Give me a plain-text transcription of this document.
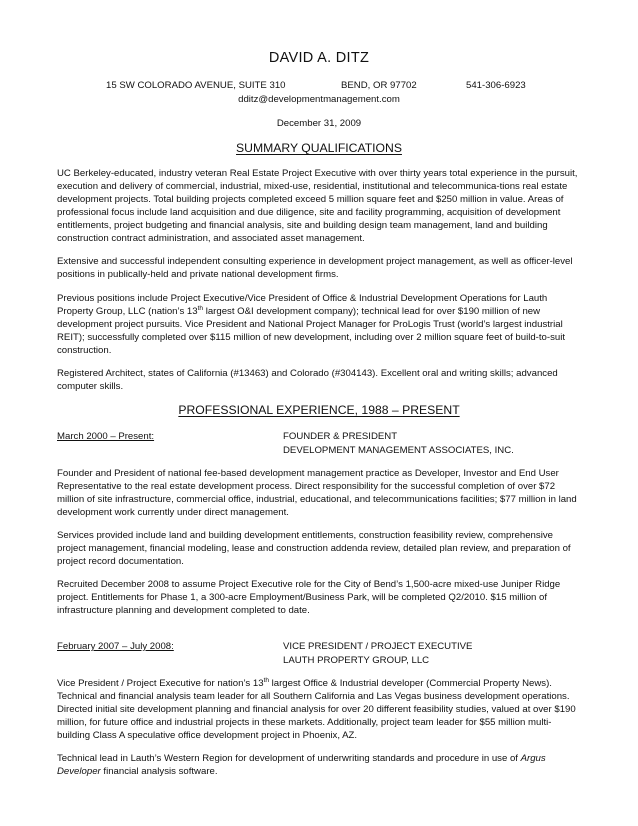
DAVID A. DITZ
15 SW COLORADO AVENUE, SUITE 310	BEND, OR 97702	541-306-6923
dditz@developmentmanagement.com
December 31, 2009
SUMMARY QUALIFICATIONS

UC Berkeley-educated, industry veteran Real Estate Project Executive with over thirty years total experience in the pursuit, execution and delivery of commercial, industrial, mixed-use, residential, institutional and telecommunica-tions real estate development projects. Total building projects completed exceed 5 million square feet and $250 million in value. Areas of professional focus include land acquisition and due diligence, site and facility programming, acquisition of development entitlements, project budgeting and financial analysis, site and building design team management, land and building construction contract administration, and associated asset management.

Extensive and successful independent consulting experience in development project management, as well as officer-level positions in publically-held and private national development firms.

Previous positions include Project Executive/Vice President of Office & Industrial Development Operations for Lauth Property Group, LLC (nation’s 13th largest O&I development company); technical lead for over $190 million of new development project pursuits. Vice President and National Project Manager for ProLogis Trust (world’s largest industrial REIT); successfully completed over $115 million of new development, including over 2 million square feet of build-to-suit construction.

Registered Architect, states of California (#13463) and Colorado (#304143). Excellent oral and writing skills; advanced computer skills.

PROFESSIONAL EXPERIENCE, 1988 – PRESENT
March 2000 – Present:	FOUNDER & PRESIDENT
DEVELOPMENT MANAGEMENT ASSOCIATES, INC.

Founder and President of national fee-based development management practice as Developer, Investor and End User Representative to the real estate development process. Direct responsibility for the successful completion of over $72 million of site infrastructure, commercial office, industrial, educational, and telecommunications facilities; $77 million in land development work currently under direct management.

Services provided include land and building development entitlements, construction feasibility review, comprehensive project management, financial modeling, lease and construction addenda review, detailed plan review, and preparation of project record documentation.

Recruited December 2008 to assume Project Executive role for the City of Bend’s 1,500-acre mixed-use Juniper Ridge project. Entitlements for Phase 1, a 300-acre Employment/Business Park, will be completed Q2/2010. $15 million of infrastructure planning and development completed to date.

February 2007 – July 2008:	VICE PRESIDENT / PROJECT EXECUTIVE
LAUTH PROPERTY GROUP, LLC

Vice President / Project Executive for nation’s 13th largest Office & Industrial developer (Commercial Property News). Technical and financial analysis team leader for all Southern California and Las Vegas business development operations. Directed initial site development planning and financial analysis for over 20 different feasibility studies, valued at over $190 million, for future office and industrial projects in these markets. Additionally, project team leader for $55 million multi-building Class A speculative office development project in Phoenix, AZ.

Technical lead in Lauth’s Western Region for development of underwriting standards and procedure in use of Argus Developer financial analysis software.
